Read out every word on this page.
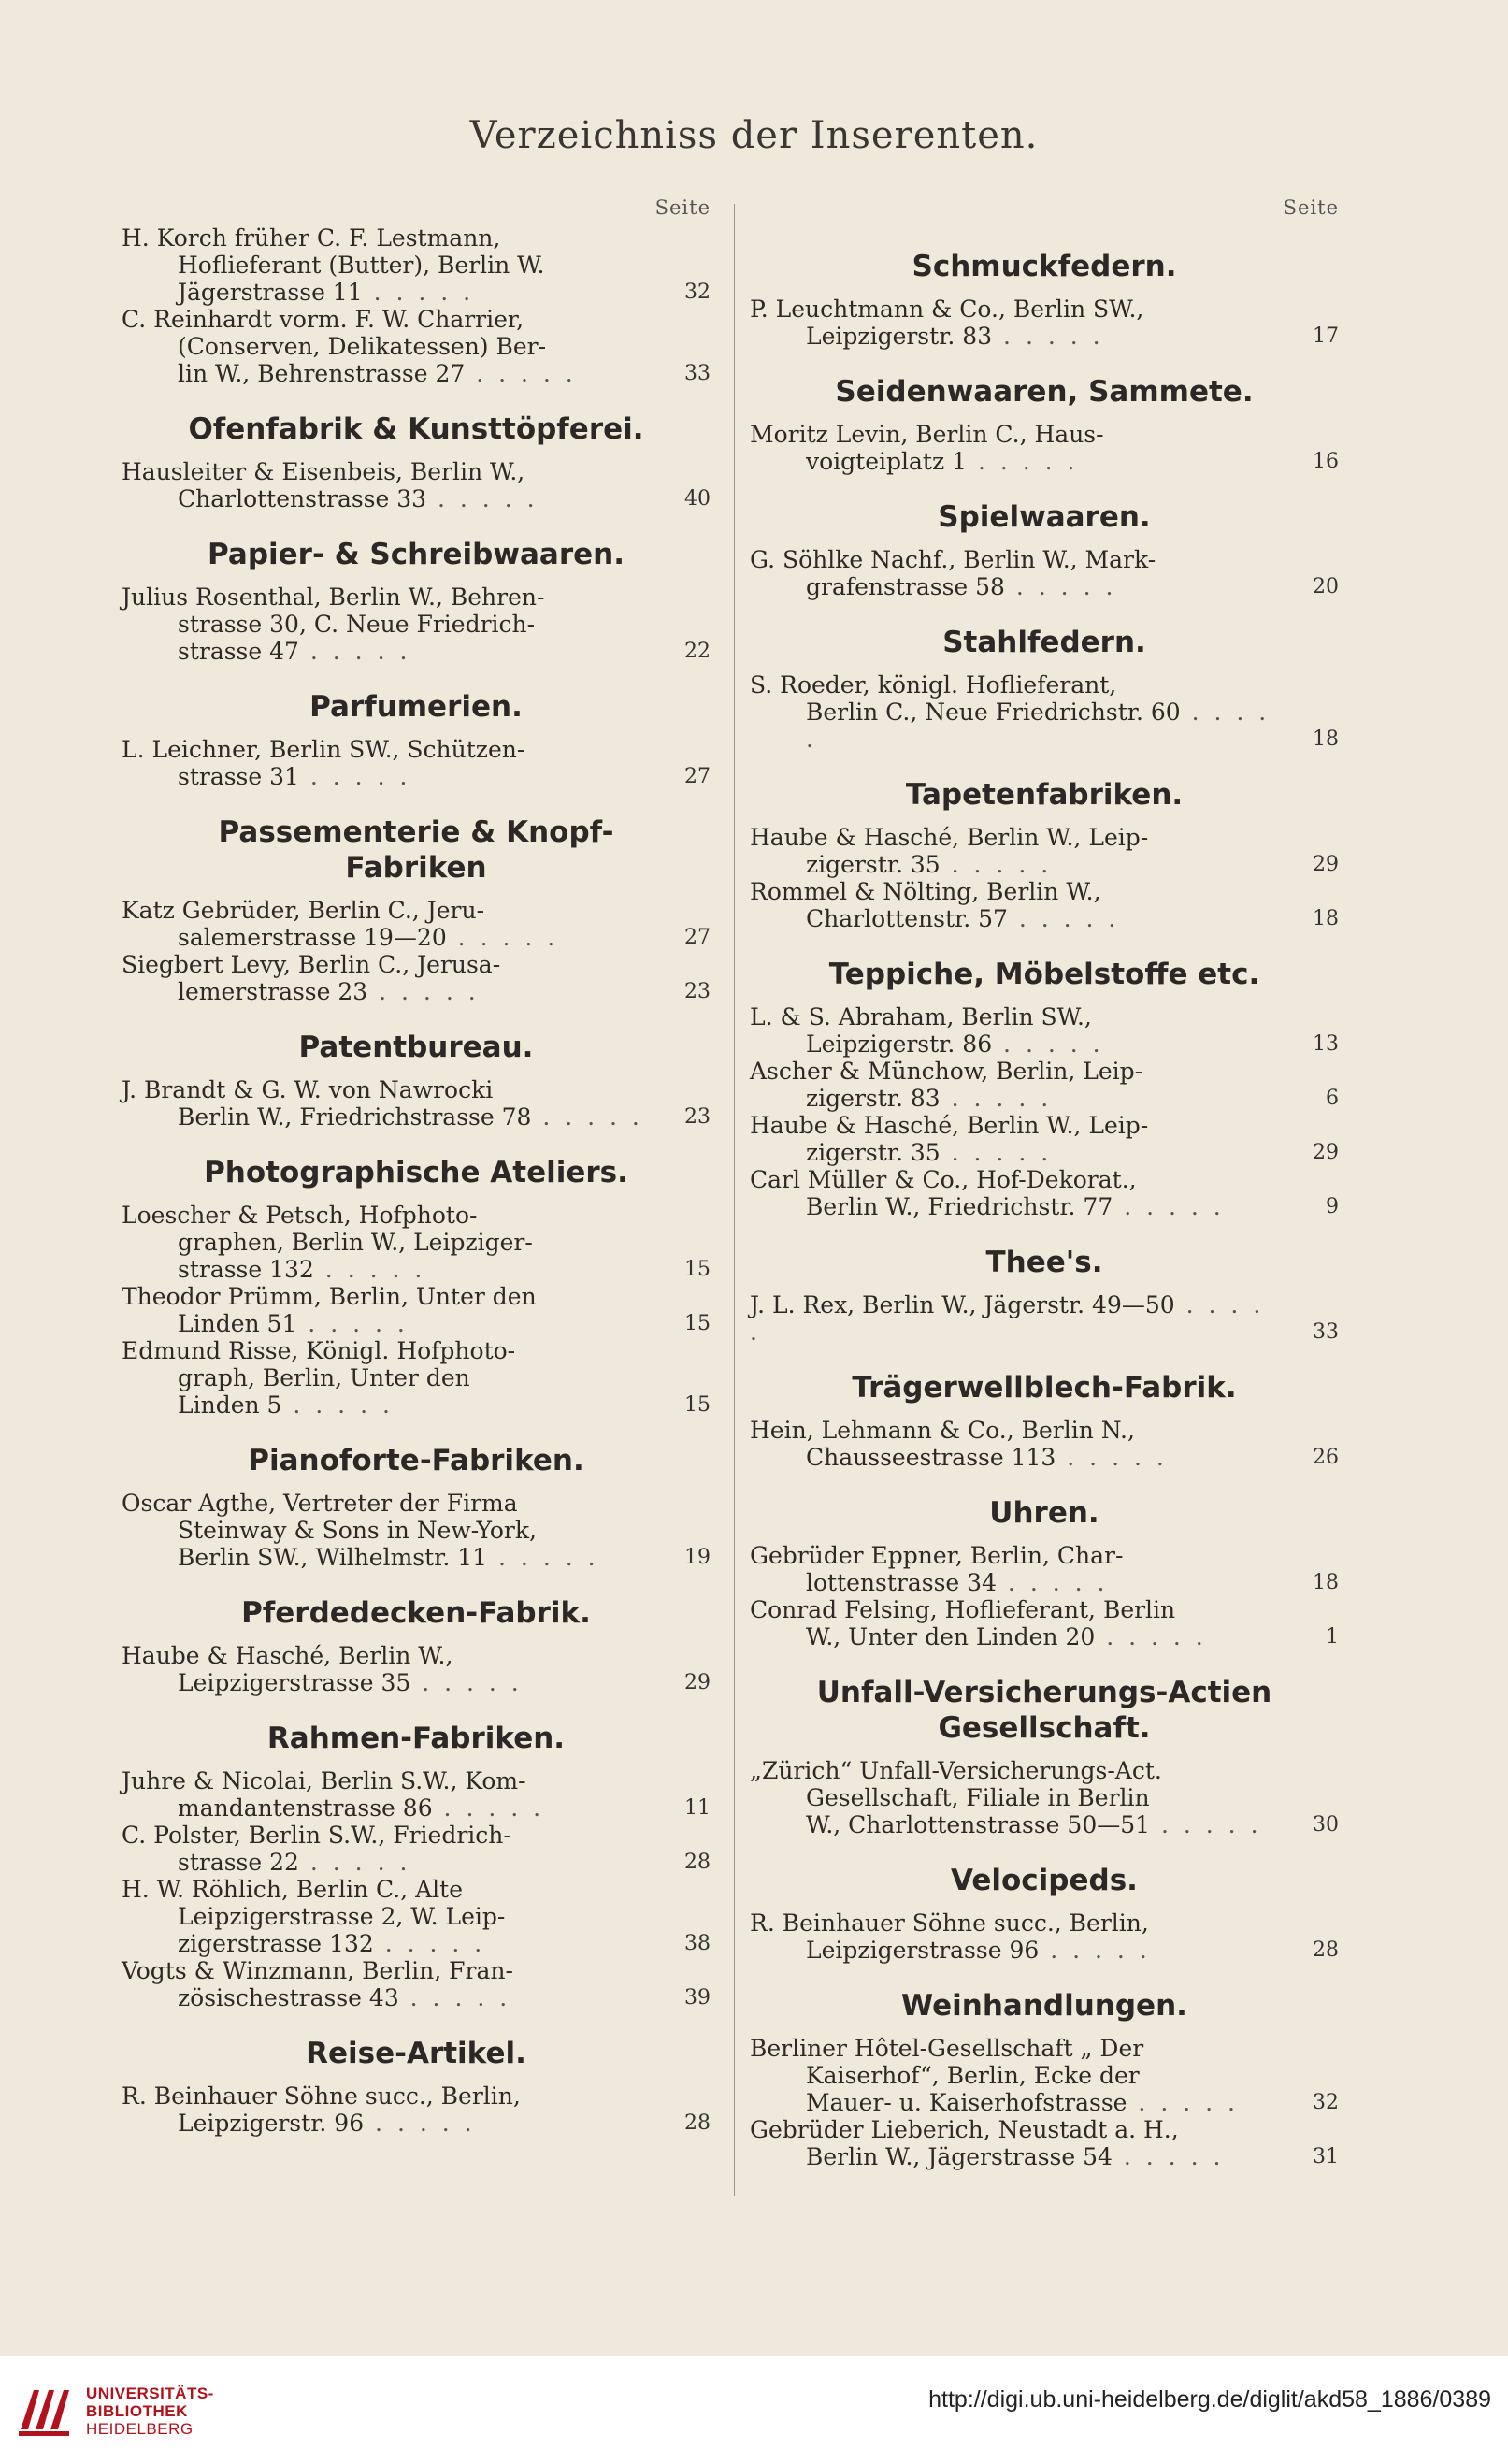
Verzeichniss der Inserenten.
Seite
H. Korch früher C. F. Lestmann,
Hoflieferant (Butter), Berlin W.
Jägerstrasse 11 . . . . .	32
C. Reinhardt vorm. F. W. Charrier,
(Conserven, Delikatessen) Ber-
lin W., Behrenstrasse 27 . . . . .	33
Ofenfabrik & Kunsttöpferei.
Hausleiter & Eisenbeis, Berlin W.,
Charlottenstrasse 33 . . . . .	40
Papier- & Schreibwaaren.
Julius Rosenthal, Berlin W., Behren-
strasse 30, C. Neue Friedrich-
strasse 47 . . . . .	22
Parfumerien.
L. Leichner, Berlin SW., Schützen-
strasse 31 . . . . .	27
Passementerie & Knopf-
Fabriken
Katz Gebrüder, Berlin C., Jeru-
salemerstrasse 19—20 . . . . .	27
Siegbert Levy, Berlin C., Jerusa-
lemerstrasse 23 . . . . .	23
Patentbureau.
J. Brandt & G. W. von Nawrocki
Berlin W., Friedrichstrasse 78 . . . . .	23
Photographische Ateliers.
Loescher & Petsch, Hofphoto-
graphen, Berlin W., Leipziger-
strasse 132 . . . . .	15
Theodor Prümm, Berlin, Unter den
Linden 51 . . . . .	15
Edmund Risse, Königl. Hofphoto-
graph, Berlin, Unter den
Linden 5 . . . . .	15
Pianoforte-Fabriken.
Oscar Agthe, Vertreter der Firma
Steinway & Sons in New-York,
Berlin SW., Wilhelmstr. 11 . . . . .	19
Pferdedecken-Fabrik.
Haube & Hasché, Berlin W.,
Leipzigerstrasse 35 . . . . .	29
Rahmen-Fabriken.
Juhre & Nicolai, Berlin S.W., Kom-
mandantenstrasse 86 . . . . .	11
C. Polster, Berlin S.W., Friedrich-
strasse 22 . . . . .	28
H. W. Röhlich, Berlin C., Alte
Leipzigerstrasse 2, W. Leip-
zigerstrasse 132 . . . . .	38
Vogts & Winzmann, Berlin, Fran-
zösischestrasse 43 . . . . .	39
Reise-Artikel.
R. Beinhauer Söhne succ., Berlin,
Leipzigerstr. 96 . . . . .	28
Seite
Schmuckfedern.
P. Leuchtmann & Co., Berlin SW.,
Leipzigerstr. 83 . . . . .	17
Seidenwaaren, Sammete.
Moritz Levin, Berlin C., Haus-
voigteiplatz 1 . . . . .	16
Spielwaaren.
G. Söhlke Nachf., Berlin W., Mark-
grafenstrasse 58 . . . . .	20
Stahlfedern.
S. Roeder, königl. Hoflieferant,
Berlin C., Neue Friedrichstr. 60 . . . . .	18
Tapetenfabriken.
Haube & Hasché, Berlin W., Leip-
zigerstr. 35 . . . . .	29
Rommel & Nölting, Berlin W.,
Charlottenstr. 57 . . . . .	18
Teppiche, Möbelstoffe etc.
L. & S. Abraham, Berlin SW.,
Leipzigerstr. 86 . . . . .	13
Ascher & Münchow, Berlin, Leip-
zigerstr. 83 . . . . .	6
Haube & Hasché, Berlin W., Leip-
zigerstr. 35 . . . . .	29
Carl Müller & Co., Hof-Dekorat.,
Berlin W., Friedrichstr. 77 . . . . .	9
Thee's.
J. L. Rex, Berlin W., Jägerstr. 49—50 . . . . .	33
Trägerwellblech-Fabrik.
Hein, Lehmann & Co., Berlin N.,
Chausseestrasse 113 . . . . .	26
Uhren.
Gebrüder Eppner, Berlin, Char-
lottenstrasse 34 . . . . .	18
Conrad Felsing, Hoflieferant, Berlin
W., Unter den Linden 20 . . . . .	1
Unfall-Versicherungs-Actien
Gesellschaft.
„Zürich“ Unfall-Versicherungs-Act.
Gesellschaft, Filiale in Berlin
W., Charlottenstrasse 50—51 . . . . .	30
Velocipeds.
R. Beinhauer Söhne succ., Berlin,
Leipzigerstrasse 96 . . . . .	28
Weinhandlungen.
Berliner Hôtel-Gesellschaft „ Der
Kaiserhof“, Berlin, Ecke der
Mauer- u. Kaiserhofstrasse . . . . .	32
Gebrüder Lieberich, Neustadt a. H.,
Berlin W., Jägerstrasse 54 . . . . .	31
UNIVERSITÄTS-
BIBLIOTHEK
HEIDELBERG
http://digi.ub.uni-heidelberg.de/diglit/akd58_1886/0389
